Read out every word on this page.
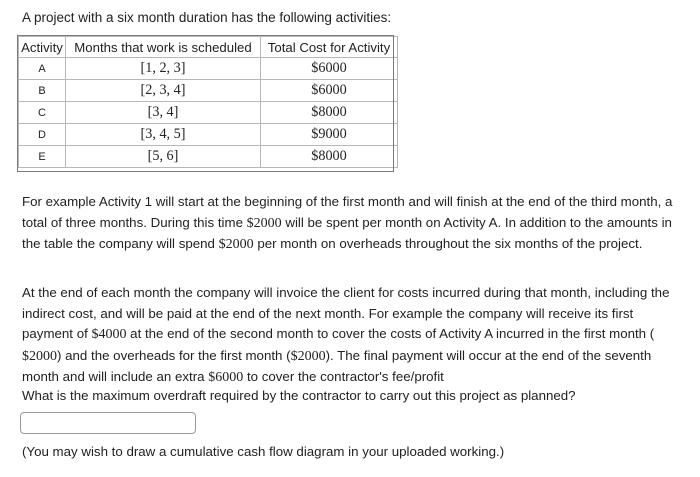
A project with a six month duration has the following activities:
Activity	Months that work is scheduled	Total Cost for Activity
A	[1, 2, 3]	$6000
B	[2, 3, 4]	$6000
C	[3, 4]	$8000
D	[3, 4, 5]	$9000
E	[5, 6]	$8000
For example Activity 1 will start at the beginning of the first month and will finish at the end of the third month, a total of three months. During this time $2000 will be spent per month on Activity A. In addition to the amounts in the table the company will spend $2000 per month on overheads throughout the six months of the project.
At the end of each month the company will invoice the client for costs incurred during that month, including the indirect cost, and will be paid at the end of the next month. For example the company will receive its first payment of $4000 at the end of the second month to cover the costs of Activity A incurred in the first month ( $2000) and the overheads for the first month ($2000). The final payment will occur at the end of the seventh month and will include an extra $6000 to cover the contractor's fee/profit
What is the maximum overdraft required by the contractor to carry out this project as planned?
(You may wish to draw a cumulative cash flow diagram in your uploaded working.)
